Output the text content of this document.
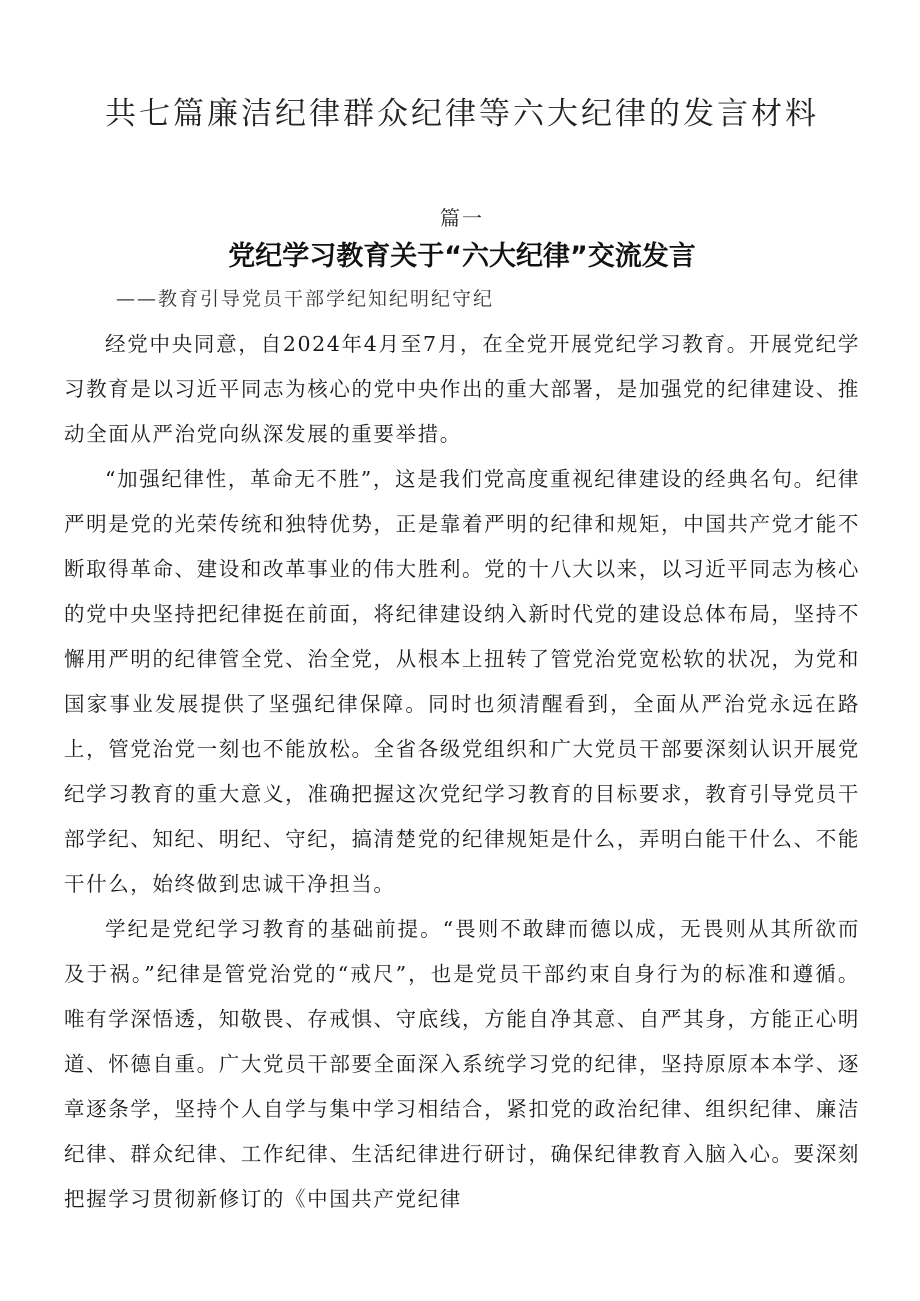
共七篇廉洁纪律群众纪律等六大纪律的发言材料
篇一
党纪学习教育关于“六大纪律”交流发言
——教育引导党员干部学纪知纪明纪守纪

经党中央同意，自2024年4月至7月，在全党开展党纪学习教育。开展党纪学习教育是以习近平同志为核心的党中央作出的重大部署，是加强党的纪律建设、推动全面从严治党向纵深发展的重要举措。

“加强纪律性，革命无不胜”，这是我们党高度重视纪律建设的经典名句。纪律严明是党的光荣传统和独特优势，正是靠着严明的纪律和规矩，中国共产党才能不断取得革命、建设和改革事业的伟大胜利。党的十八大以来，以习近平同志为核心的党中央坚持把纪律挺在前面，将纪律建设纳入新时代党的建设总体布局，坚持不懈用严明的纪律管全党、治全党，从根本上扭转了管党治党宽松软的状况，为党和国家事业发展提供了坚强纪律保障。同时也须清醒看到，全面从严治党永远在路上，管党治党一刻也不能放松。全省各级党组织和广大党员干部要深刻认识开展党纪学习教育的重大意义，准确把握这次党纪学习教育的目标要求，教育引导党员干部学纪、知纪、明纪、守纪，搞清楚党的纪律规矩是什么，弄明白能干什么、不能干什么，始终做到忠诚干净担当。

学纪是党纪学习教育的基础前提。“畏则不敢肆而德以成，无畏则从其所欲而及于祸。”纪律是管党治党的“戒尺”，也是党员干部约束自身行为的标准和遵循。唯有学深悟透，知敬畏、存戒惧、守底线，方能自净其意、自严其身，方能正心明道、怀德自重。广大党员干部要全面深入系统学习党的纪律，坚持原原本本学、逐章逐条学，坚持个人自学与集中学习相结合，紧扣党的政治纪律、组织纪律、廉洁纪律、群众纪律、工作纪律、生活纪律进行研讨，确保纪律教育入脑入心。要深刻把握学习贯彻新修订的《中国共产党纪律
